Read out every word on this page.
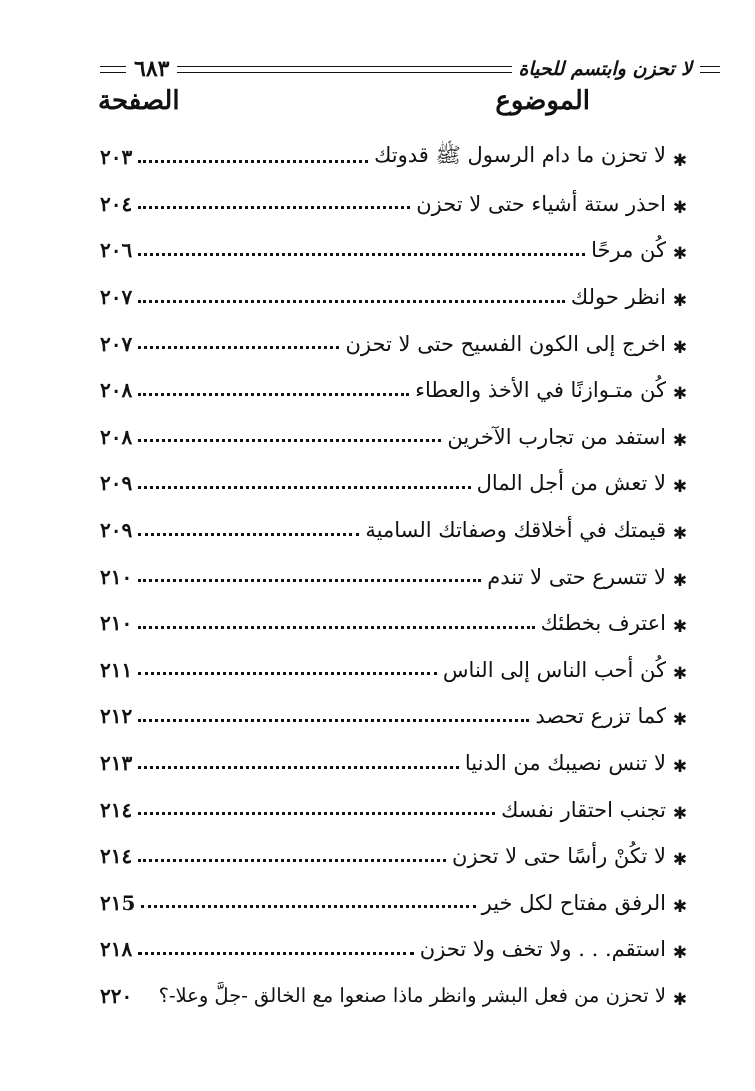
لا تحزن وابتسم للحياة
٦٨٣
الموضوع
الصفحة
٢٠٣	لا تحزن ما دام الرسول ﷺ قدوتك ✱
٢٠٤	احذر ستة أشياء حتى لا تحزن ✱
٢٠٦	كُن مرحًا ✱
٢٠٧	انظر حولك ✱
٢٠٧	اخرج إلى الكون الفسيح حتى لا تحزن ✱
٢٠٨	كُن متـوازنًا في الأخذ والعطاء ✱
٢٠٨	استفد من تجارب الآخرين ✱
٢٠٩	لا تعش من أجل المال ✱
٢٠٩	قيمتك في أخلاقك وصفاتك السامية ✱
٢١٠	لا تتسرع حتى لا تندم ✱
٢١٠	اعترف بخطئك ✱
٢١١	كُن أحب الناس إلى الناس ✱
٢١٢	كما تزرع تحصد ✱
٢١٣	لا تنس نصيبك من الدنيا ✱
٢١٤	تجنب احتقار نفسك ✱
٢١٤	لا تكُنْ رأسًا حتى لا تحزن ✱
٢١5	الرفق مفتاح لكل خير ✱
٢١٨	استقم. . . ولا تخف ولا تحزن ✱
٢٢٠ لا تحزن من فعل البشر وانظر ماذا صنعوا مع الخالق -جلَّ وعلا-؟ ✱
